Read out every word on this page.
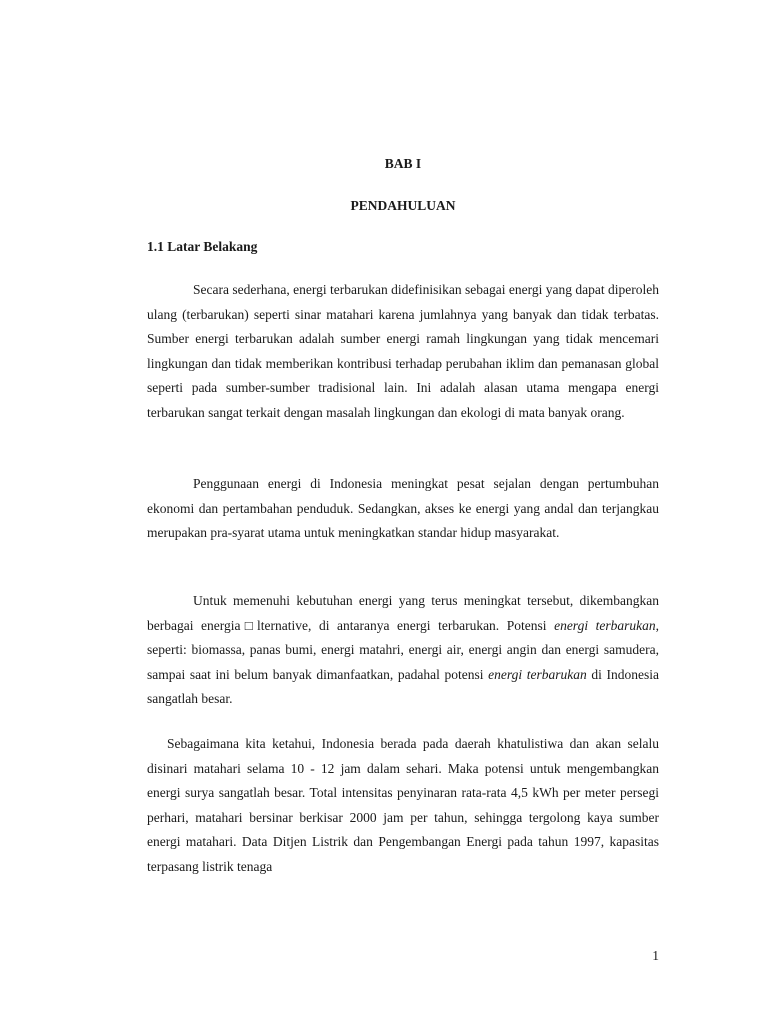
BAB I

PENDAHULUAN

1.1 Latar Belakang

Secara sederhana, energi terbarukan didefinisikan sebagai energi yang dapat diperoleh ulang (terbarukan) seperti sinar matahari karena jumlahnya yang banyak dan tidak terbatas. Sumber energi terbarukan adalah sumber energi ramah lingkungan yang tidak mencemari lingkungan dan tidak memberikan kontribusi terhadap perubahan iklim dan pemanasan global seperti pada sumber-sumber tradisional lain. Ini adalah alasan utama mengapa energi terbarukan sangat terkait dengan masalah lingkungan dan ekologi di mata banyak orang.

Penggunaan energi di Indonesia meningkat pesat sejalan dengan pertumbuhan ekonomi dan pertambahan penduduk. Sedangkan, akses ke energi yang andal dan terjangkau merupakan pra-syarat utama untuk meningkatkan standar hidup masyarakat.

Untuk memenuhi kebutuhan energi yang terus meningkat tersebut, dikembangkan berbagai energia□lternative, di antaranya energi terbarukan. Potensi energi terbarukan, seperti: biomassa, panas bumi, energi matahri, energi air, energi angin dan energi samudera, sampai saat ini belum banyak dimanfaatkan, padahal potensi energi terbarukan di Indonesia sangatlah besar.

Sebagaimana kita ketahui, Indonesia berada pada daerah khatulistiwa dan akan selalu disinari matahari selama 10 - 12 jam dalam sehari. Maka potensi untuk mengembangkan energi surya sangatlah besar. Total intensitas penyinaran rata-rata 4,5 kWh per meter persegi perhari, matahari bersinar berkisar 2000 jam per tahun, sehingga tergolong kaya sumber energi matahari. Data Ditjen Listrik dan Pengembangan Energi pada tahun 1997, kapasitas terpasang listrik tenaga

1
